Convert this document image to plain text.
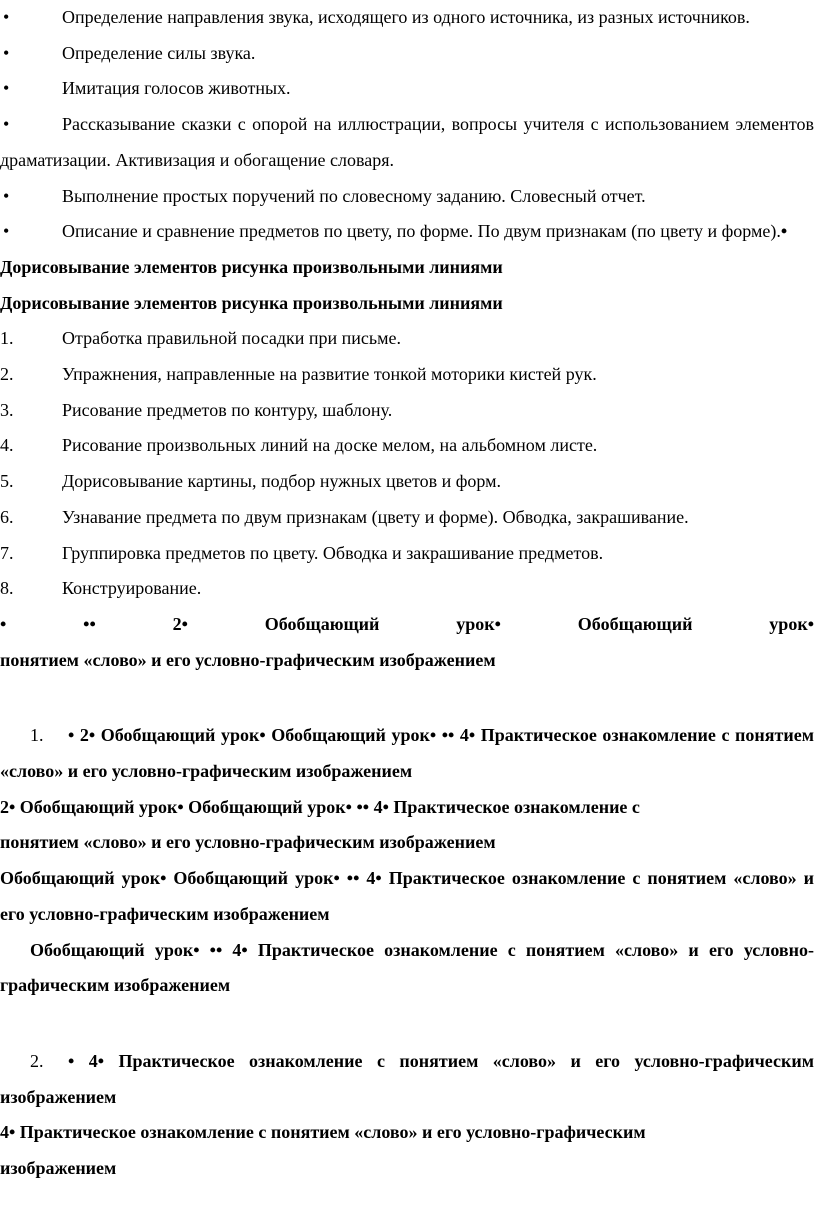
•	Определение направления звука, исходящего из одного источника, из разных источников.

•	Определение силы звука.

•	Имитация голосов животных.

•	Рассказывание сказки с опорой на иллюстрации, вопросы учителя с использованием элементов драматизации. Активизация и обогащение словаря.

•	Выполнение простых поручений по словесному заданию. Словесный отчет.

•	Описание и сравнение предметов по цвету, по форме. По двум признакам (по цвету и форме).• Дорисовывание элементов рисунка произвольными линиями

Дорисовывание элементов рисунка произвольными линиями

1.	Отработка правильной посадки при письме.

2.	Упражнения, направленные на развитие тонкой моторики кистей рук.

3.	Рисование предметов по контуру, шаблону.

4.	Рисование произвольных линий на доске мелом, на альбомном листе.

5.	Дорисовывание картины, подбор нужных цветов и форм.

6.	Узнавание предмета по двум признакам (цвету и форме). Обводка, закрашивание.

7.	Группировка предметов по цвету. Обводка и закрашивание предметов.

8.	Конструирование.

• •• 2• Обобщающий урок• Обобщающий урок•

понятием «слово» и его условно-графическим изображением

1. • 2• Обобщающий урок• Обобщающий урок• •• 4• Практическое ознакомление с понятием «слово» и его условно-графическим изображением

2• Обобщающий урок• Обобщающий урок• •• 4• Практическое ознакомление с

понятием «слово» и его условно-графическим изображением

Обобщающий урок• Обобщающий урок• •• 4• Практическое ознакомление с понятием «слово» и его условно-графическим изображением

Обобщающий урок• •• 4• Практическое ознакомление с понятием «слово» и его условно-графическим изображением

2. • 4• Практическое ознакомление с понятием «слово» и его условно-графическим изображением

4• Практическое ознакомление с понятием «слово» и его условно-графическим

изображением
